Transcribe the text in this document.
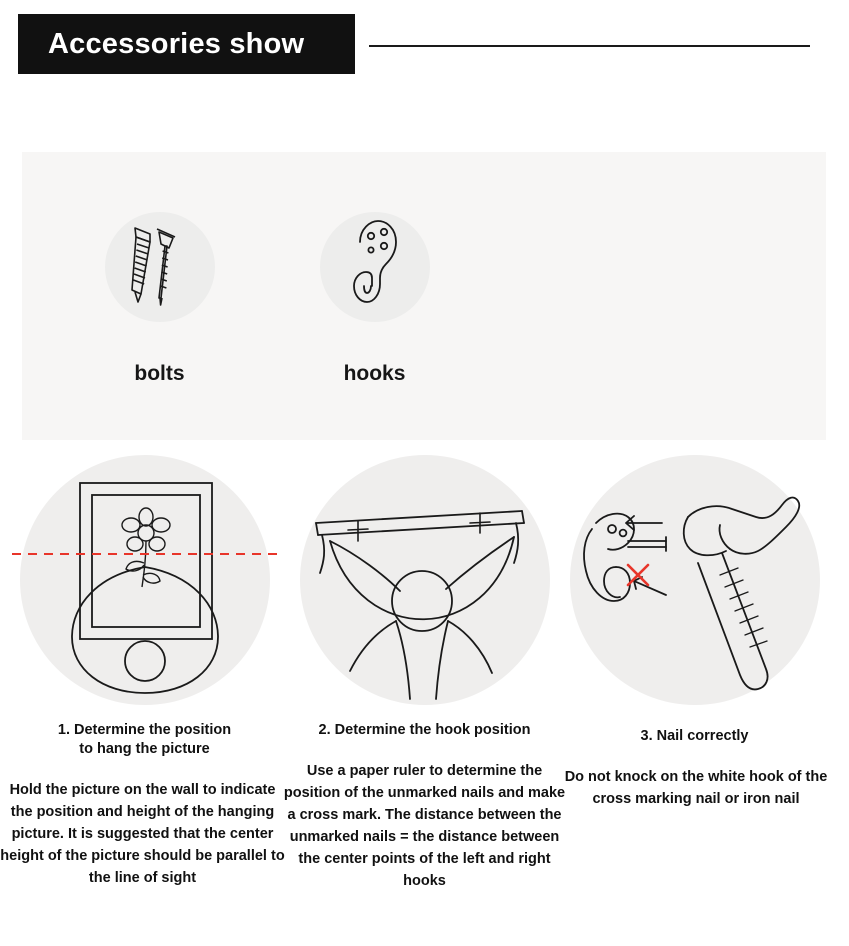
Accessories show
bolts	hooks
1. Determine the position
to hang the picture
Hold the picture on the wall to indicate the position and height of the hanging picture. It is suggested that the center height of the picture should be parallel to the line of sight
2. Determine the hook position
Use a paper ruler to determine the position of the unmarked nails and make a cross mark. The distance between the unmarked nails = the distance between the center points of the left and right hooks
3. Nail correctly
Do not knock on the white hook of the cross marking nail or iron nail
